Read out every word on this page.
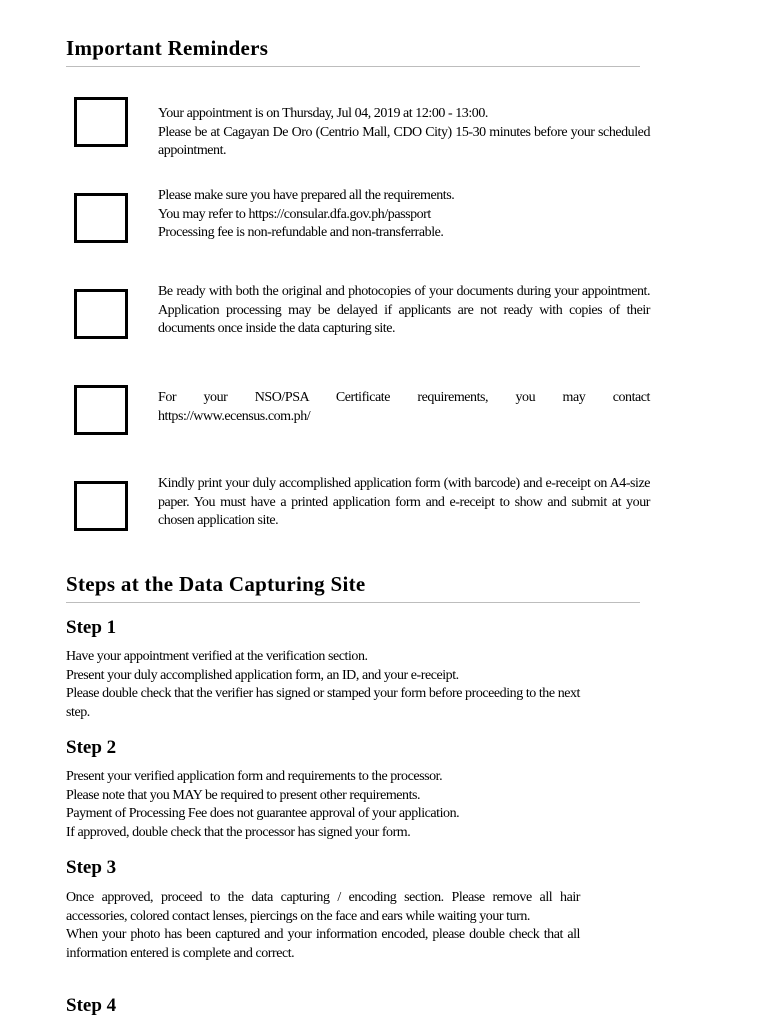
Important Reminders
Your appointment is on Thursday, Jul 04, 2019 at 12:00 - 13:00.
Please be at Cagayan De Oro (Centrio Mall, CDO City) 15-30 minutes before your scheduled appointment.
Please make sure you have prepared all the requirements.
You may refer to https://consular.dfa.gov.ph/passport
Processing fee is non-refundable and non-transferrable.
Be ready with both the original and photocopies of your documents during your appointment. Application processing may be delayed if applicants are not ready with copies of their documents once inside the data capturing site.
For your NSO/PSA Certificate requirements, you may contact
https://www.ecensus.com.ph/
Kindly print your duly accomplished application form (with barcode) and e-receipt on A4-size paper. You must have a printed application form and e-receipt to show and submit at your chosen application site.
Steps at the Data Capturing Site
Step 1
Have your appointment verified at the verification section.
Present your duly accomplished application form, an ID, and your e-receipt.
Please double check that the verifier has signed or stamped your form before proceeding to the next step.
Step 2
Present your verified application form and requirements to the processor.
Please note that you MAY be required to present other requirements.
Payment of Processing Fee does not guarantee approval of your application.
If approved, double check that the processor has signed your form.
Step 3
Once approved, proceed to the data capturing / encoding section. Please remove all hair accessories, colored contact lenses, piercings on the face and ears while waiting your turn.
When your photo has been captured and your information encoded, please double check that all information entered is complete and correct.
Step 4
